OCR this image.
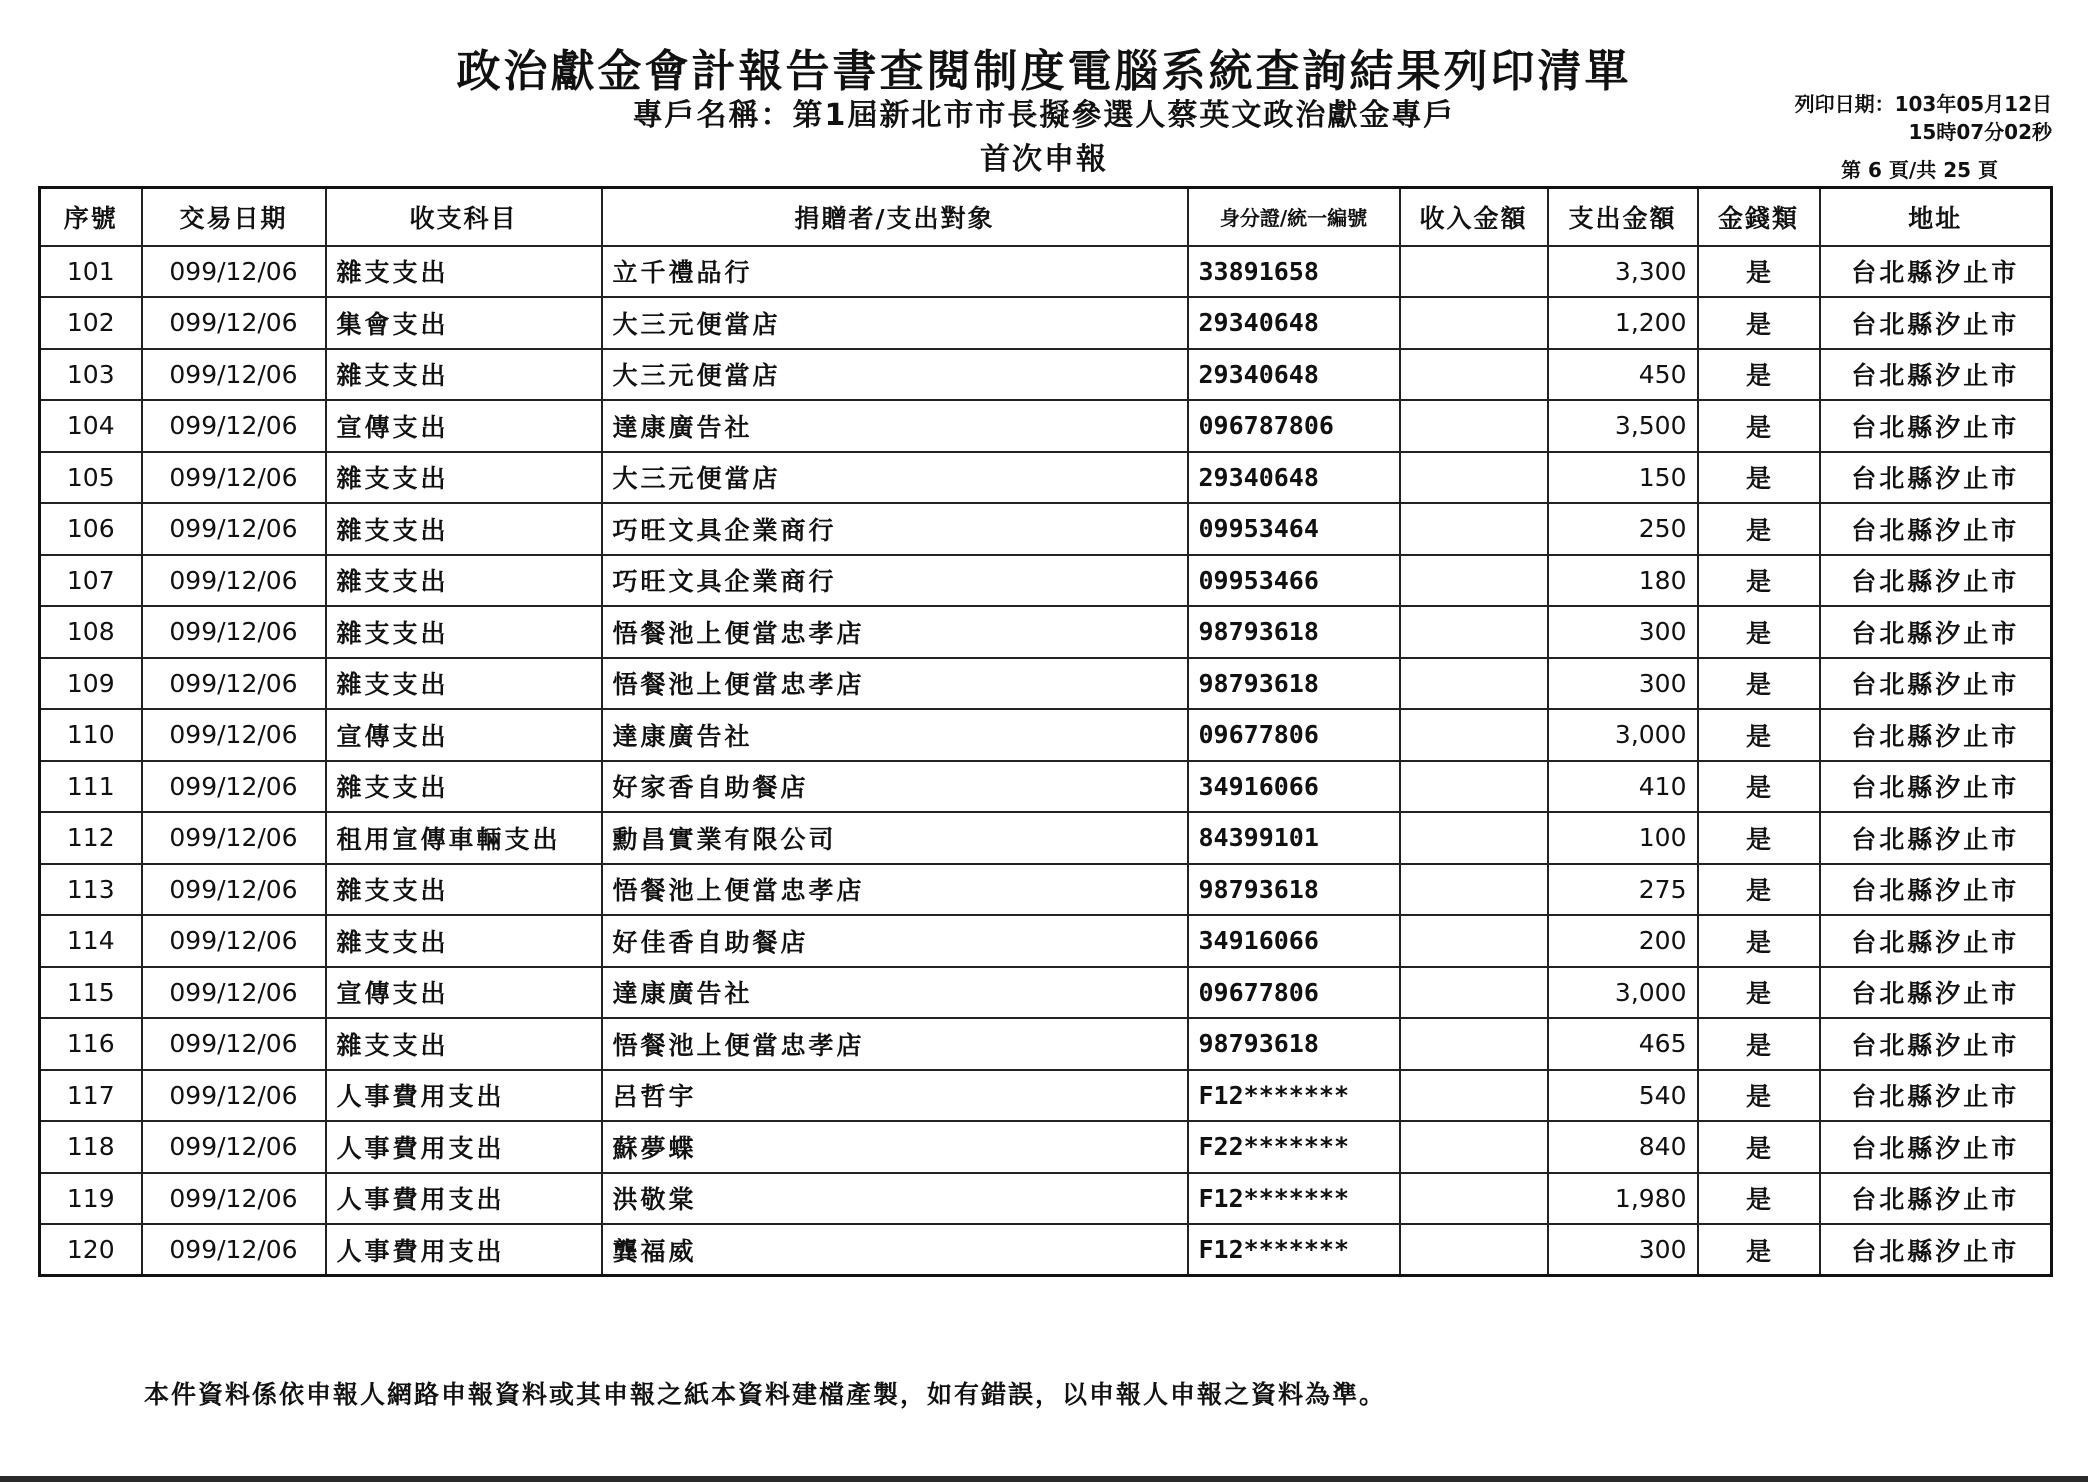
政治獻金會計報告書查閱制度電腦系統查詢結果列印清單
專戶名稱：第1屆新北市市長擬參選人蔡英文政治獻金專戶
首次申報
列印日期：103年05月12日
15時07分02秒
第 6 頁/共 25 頁
序號	交易日期	收支科目	捐贈者/支出對象	身分證/統一編號	收入金額	支出金額	金錢類	地址
101	099/12/06	雜支支出	立千禮品行	33891658		3,300	是	台北縣汐止市
102	099/12/06	集會支出	大三元便當店	29340648		1,200	是	台北縣汐止市
103	099/12/06	雜支支出	大三元便當店	29340648		450	是	台北縣汐止市
104	099/12/06	宣傳支出	達康廣告社	096787806		3,500	是	台北縣汐止市
105	099/12/06	雜支支出	大三元便當店	29340648		150	是	台北縣汐止市
106	099/12/06	雜支支出	巧旺文具企業商行	09953464		250	是	台北縣汐止市
107	099/12/06	雜支支出	巧旺文具企業商行	09953466		180	是	台北縣汐止市
108	099/12/06	雜支支出	悟餐池上便當忠孝店	98793618		300	是	台北縣汐止市
109	099/12/06	雜支支出	悟餐池上便當忠孝店	98793618		300	是	台北縣汐止市
110	099/12/06	宣傳支出	達康廣告社	09677806		3,000	是	台北縣汐止市
111	099/12/06	雜支支出	好家香自助餐店	34916066		410	是	台北縣汐止市
112	099/12/06	租用宣傳車輛支出	勳昌實業有限公司	84399101		100	是	台北縣汐止市
113	099/12/06	雜支支出	悟餐池上便當忠孝店	98793618		275	是	台北縣汐止市
114	099/12/06	雜支支出	好佳香自助餐店	34916066		200	是	台北縣汐止市
115	099/12/06	宣傳支出	達康廣告社	09677806		3,000	是	台北縣汐止市
116	099/12/06	雜支支出	悟餐池上便當忠孝店	98793618		465	是	台北縣汐止市
117	099/12/06	人事費用支出	呂哲宇	F12*******		540	是	台北縣汐止市
118	099/12/06	人事費用支出	蘇夢蝶	F22*******		840	是	台北縣汐止市
119	099/12/06	人事費用支出	洪敬棠	F12*******		1,980	是	台北縣汐止市
120	099/12/06	人事費用支出	龔福威	F12*******		300	是	台北縣汐止市
本件資料係依申報人網路申報資料或其申報之紙本資料建檔產製，如有錯誤，以申報人申報之資料為準。
